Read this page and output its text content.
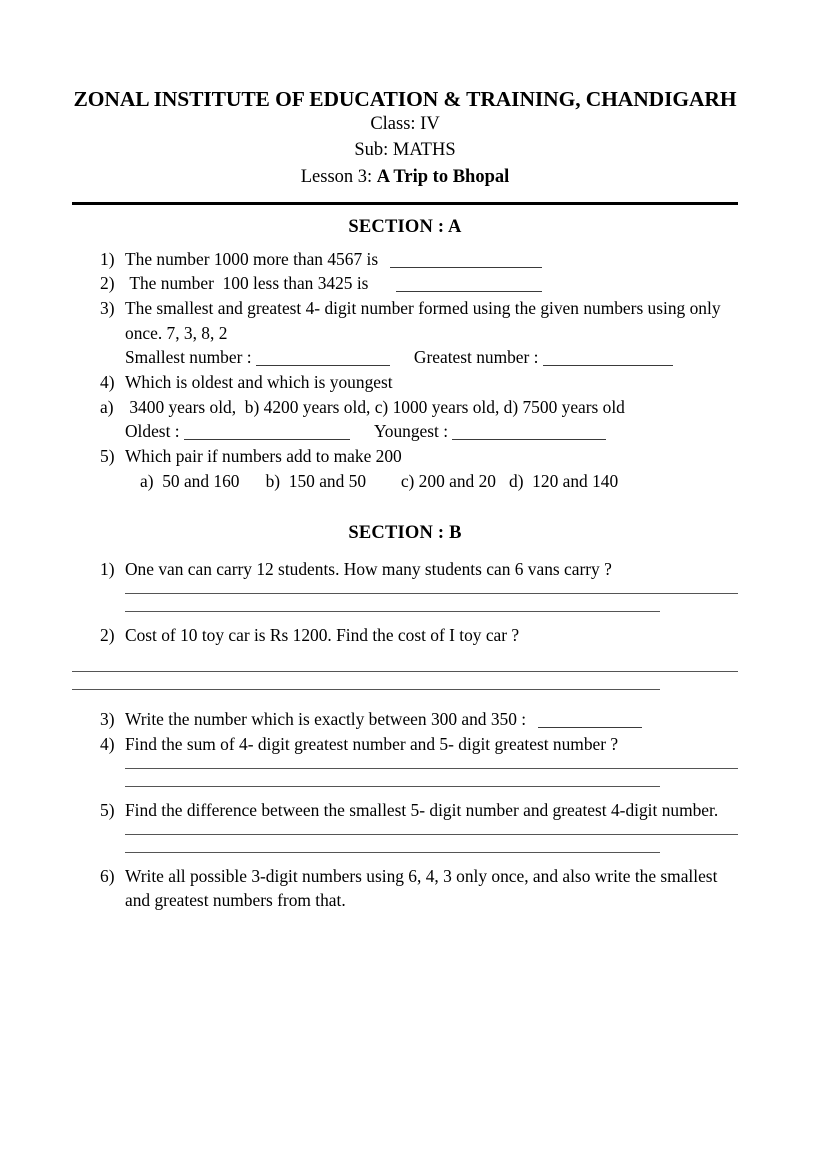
ZONAL INSTITUTE OF EDUCATION & TRAINING, CHANDIGARH
Class: IV
Sub: MATHS
Lesson 3: A Trip to Bhopal
SECTION : A
1) The number 1000 more than 4567 is
2) The number  100 less than 3425 is
3) The smallest and greatest 4- digit number formed using the given numbers using only once. 7, 3, 8, 2
Smallest number :	Greatest number :
4) Which is oldest and which is youngest
a) 3400 years old,  b) 4200 years old, c) 1000 years old, d) 7500 years old
Oldest :	Youngest :
5) Which pair if numbers add to make 200
a)  50 and 160      b)  150 and 50        c) 200 and 20   d)  120 and 140
SECTION : B
1) One van can carry 12 students. How many students can 6 vans carry ?
2) Cost of 10 toy car is Rs 1200. Find the cost of I toy car ?
3) Write the number which is exactly between 300 and 350 :
4) Find the sum of 4- digit greatest number and 5- digit greatest number ?
5) Find the difference between the smallest 5- digit number and greatest 4-digit number.
6) Write all possible 3-digit numbers using 6, 4, 3 only once, and also write the smallest and greatest numbers from that.
